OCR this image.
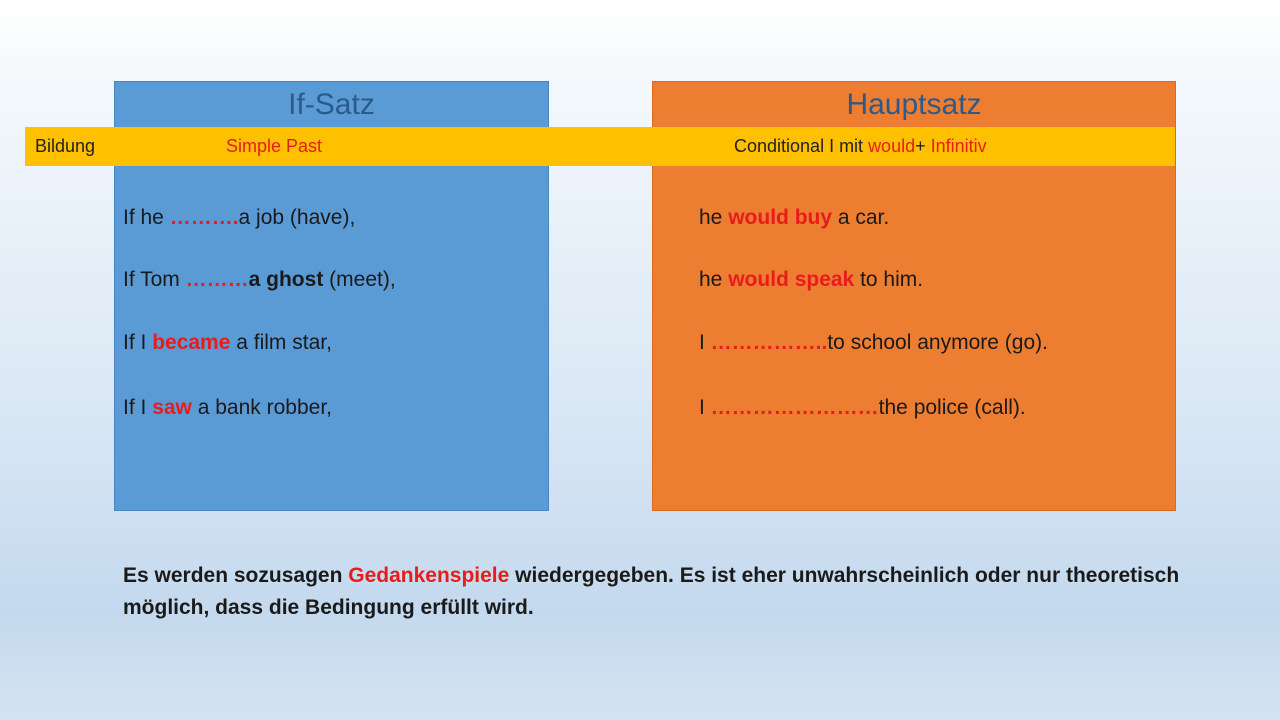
If-Satz	Hauptsatz
Bildung	Simple Past	Conditional I mit would+ Infinitiv
If he ……….a job (have),
If Tom ………a ghost (meet),
If I became a film star,
If I saw a bank robber,
he would buy a car.
he would speak to him.
I ……………..to school anymore (go).
I ……………………the police (call).
Es werden sozusagen Gedankenspiele wiedergegeben. Es ist eher unwahrscheinlich oder nur theoretisch möglich, dass die Bedingung erfüllt wird.
